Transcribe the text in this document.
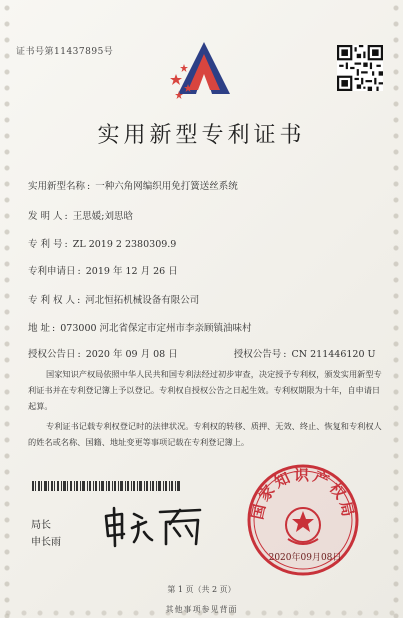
证书号第11437895号
实用新型专利证书
实用新型名称 : 一种六角网编织用免打簧送丝系统
发 明 人 : 王思媛;刘思晗
专 利 号 : ZL 2019 2 2380309.9
专利申请日 : 2019 年 12 月 26 日
专 利 权 人 : 河北恒拓机械设备有限公司
地 址 : 073000 河北省保定市定州市李亲顾镇油味村
授权公告日 : 2020 年 09 月 08 日	授权公告号 : CN 211446120 U
国家知识产权局依照中华人民共和国专利法经过初步审查，决定授予专利权，颁发实用新型专利证书并在专利登记簿上予以登记。专利权自授权公告之日起生效。专利权期限为十年，自申请日起算。
专利证书记载专利权登记时的法律状况。专利权的转移、质押、无效、终止、恢复和专利权人的姓名或名称、国籍、地址变更等事项记载在专利登记簿上。
局长
申长雨
国家知识产权局
2020年09月08日
第 1 页（共 2 页）
其他事项参见背面
